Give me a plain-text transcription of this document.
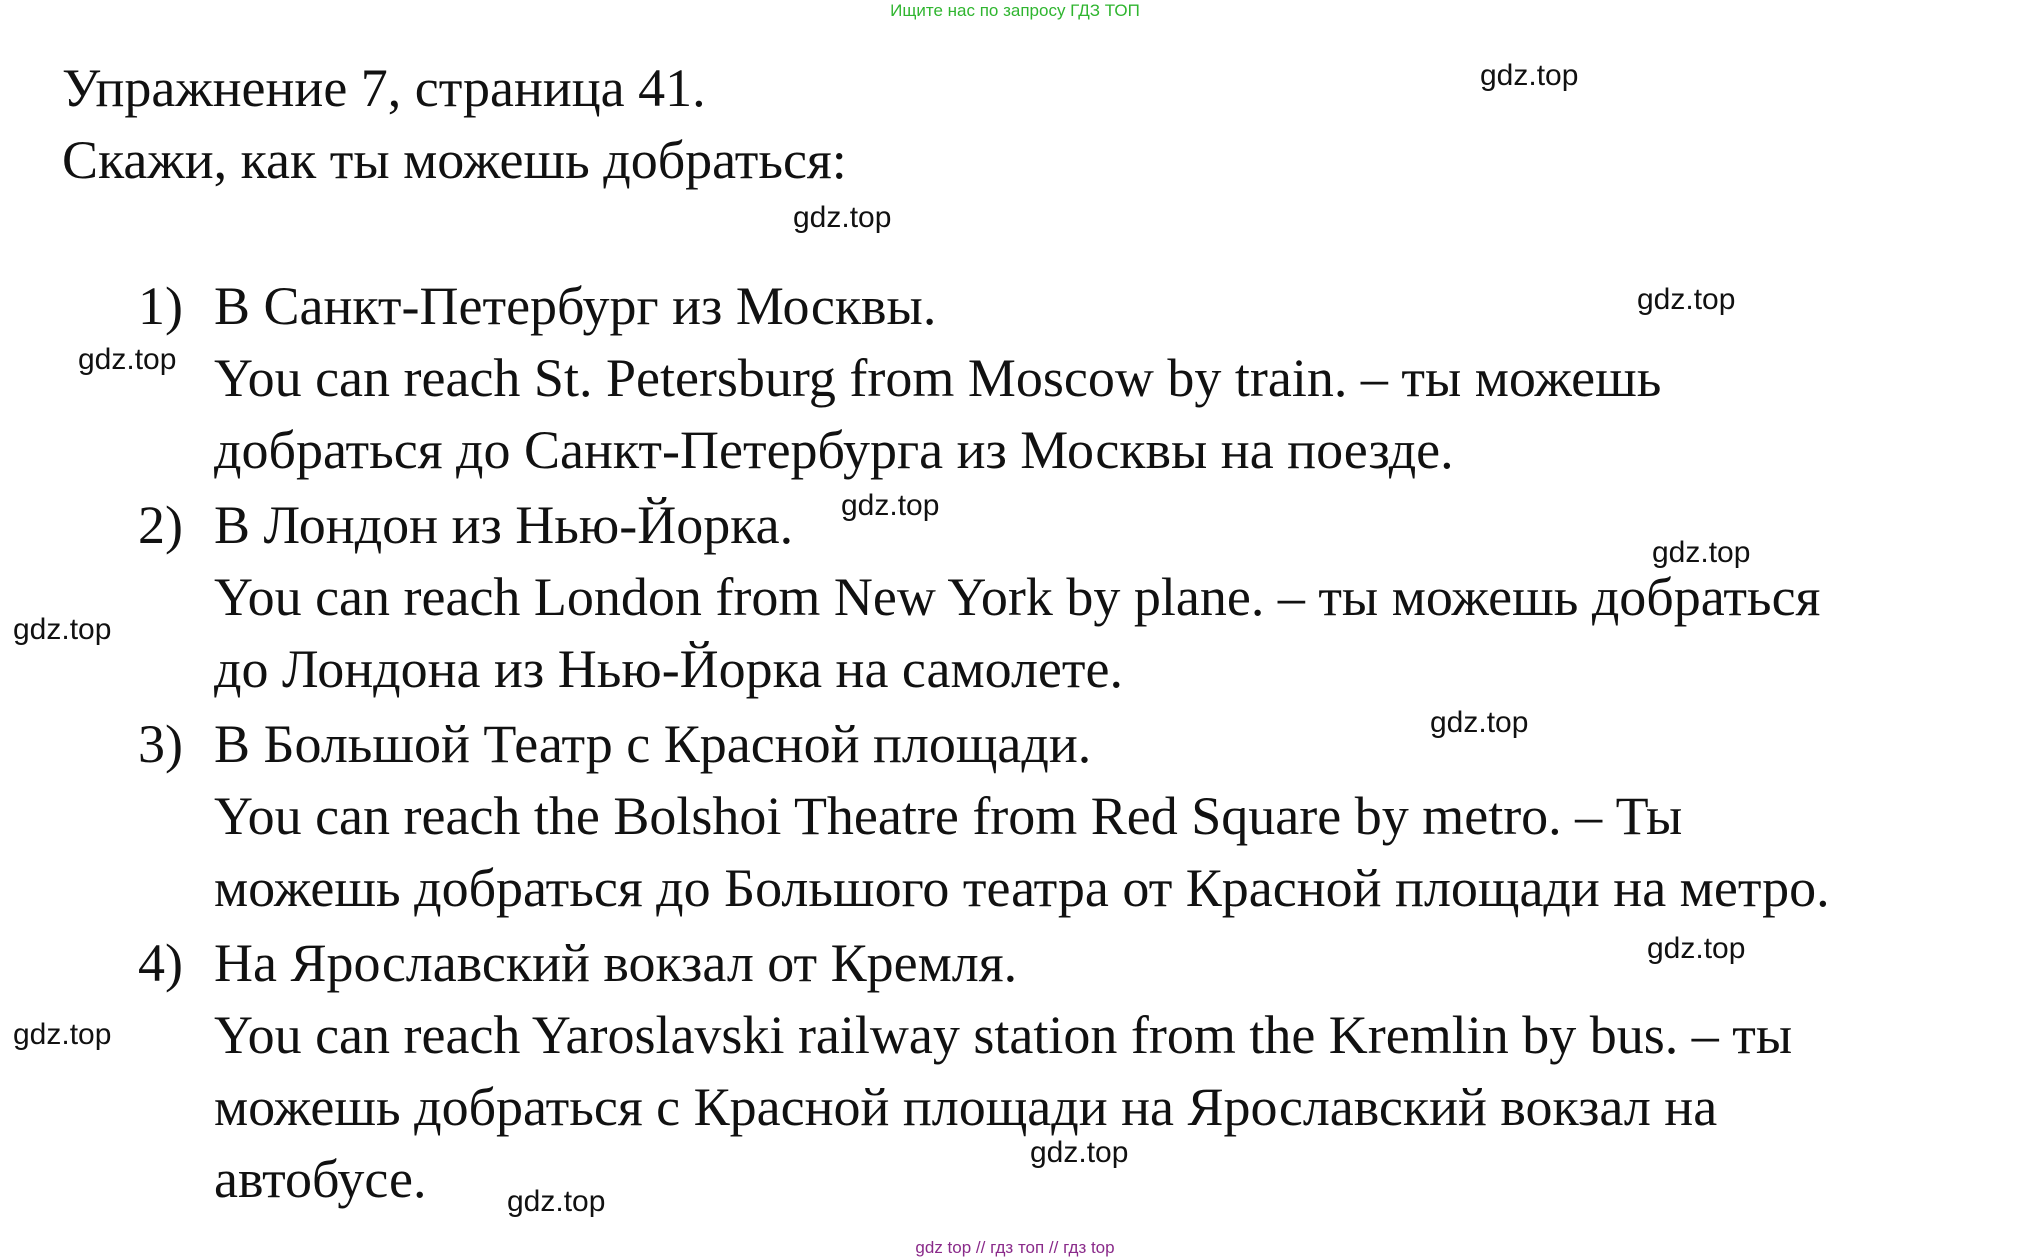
Ищите нас по запросу ГДЗ ТОП
Упражнение 7, страница 41.
Скажи, как ты можешь добраться:
1) В Санкт-Петербург из Москвы.
You can reach St. Petersburg from Moscow by train. – ты можешь
добраться до Санкт-Петербурга из Москвы на поезде.
2) В Лондон из Нью-Йорка.
You can reach London from New York by plane. – ты можешь добраться
до Лондона из Нью-Йорка на самолете.
3) В Большой Театр с Красной площади.
You can reach the Bolshoi Theatre from Red Square by metro. – Ты
можешь добраться до Большого театра от Красной площади на метро.
4) На Ярославский вокзал от Кремля.
You can reach Yaroslavski railway station from the Kremlin by bus. – ты
можешь добраться с Красной площади на Ярославский вокзал на
автобусе.
gdz.top
gdz.top
gdz.top
gdz.top
gdz.top
gdz.top
gdz.top
gdz.top
gdz.top
gdz.top
gdz.top
gdz.top
gdz top // гдз топ // гдз top
